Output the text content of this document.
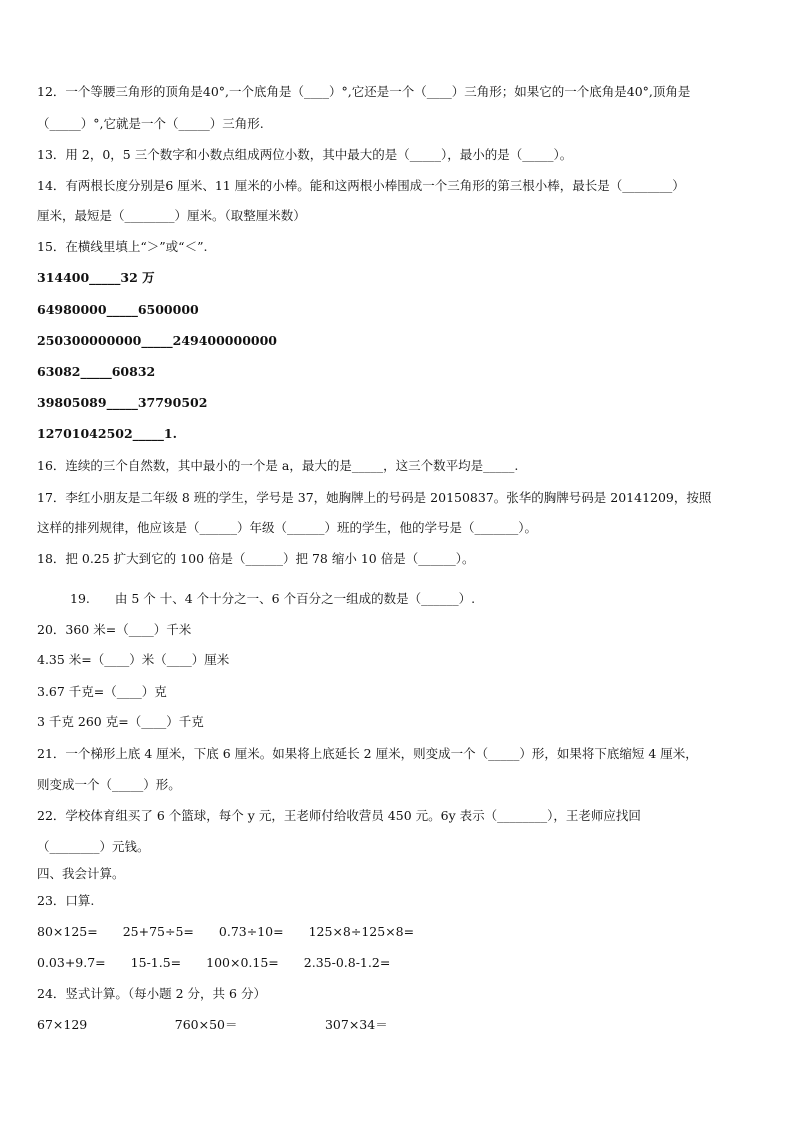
12．一个等腰三角形的顶角是40°,一个底角是（____）°,它还是一个（____）三角形；如果它的一个底角是40°,顶角是
（_____）°,它就是一个（_____）三角形.
13．用 2，0，5 三个数字和小数点组成两位小数，其中最大的是（_____），最小的是（_____）。
14．有两根长度分别是6 厘米、11 厘米的小棒。能和这两根小棒围成一个三角形的第三根小棒，最长是（________）
厘米，最短是（________）厘米。（取整厘米数）
15．在横线里填上“＞”或“＜”.
314400_____32 万
64980000_____6500000
250300000000_____249400000000
63082_____60832
39805089_____37790502
12701042502_____1.
16．连续的三个自然数，其中最小的一个是 a，最大的是_____，这三个数平均是_____.
17．李红小朋友是二年级 8 班的学生，学号是 37，她胸牌上的号码是 20150837。张华的胸牌号码是 20141209，按照
这样的排列规律，他应该是（______）年级（______）班的学生，他的学号是（_______）。
18．把 0.25 扩大到它的 100 倍是（______）把 78 缩小 10 倍是（______）。
19.　　由 5 个 十、4 个十分之一、6 个百分之一组成的数是（______）.
20．360 米=（____）千米
4.35 米=（____）米（____）厘米
3.67 千克=（____）克
3 千克 260 克=（____）千克
21．一个梯形上底 4 厘米，下底 6 厘米。如果将上底延长 2 厘米，则变成一个（_____）形，如果将下底缩短 4 厘米，
则变成一个（_____）形。
22．学校体育组买了 6 个篮球，每个 y 元，王老师付给收营员 450 元。6y 表示（________），王老师应找回
（________）元钱。
四、我会计算。
23．口算.
80×125=　　25+75÷5=　　0.73÷10=　　125×8÷125×8=
0.03+9.7=　　15-1.5=　　100×0.15=　　2.35-0.8-1.2=
24．竖式计算。（每小题 2 分，共 6 分）
67×129　　　　　　　760×50＝　　　　　　　307×34＝
